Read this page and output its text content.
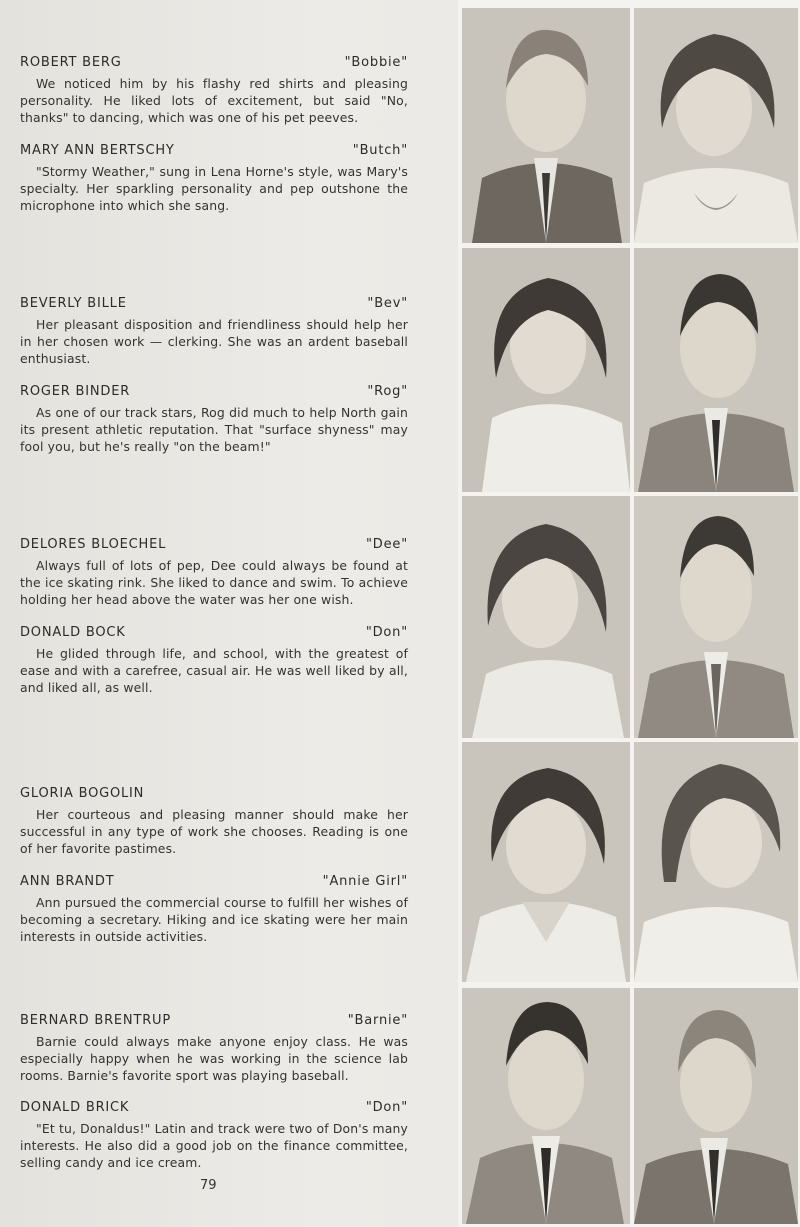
ROBERT BERG	"Bobbie"
We noticed him by his flashy red shirts and pleasing personality. He liked lots of excitement, but said "No, thanks" to dancing, which was one of his pet peeves.
MARY ANN BERTSCHY	"Butch"
"Stormy Weather," sung in Lena Horne's style, was Mary's specialty. Her sparkling personality and pep outshone the microphone into which she sang.
BEVERLY BILLE	"Bev"
Her pleasant disposition and friendliness should help her in her chosen work — clerking. She was an ardent baseball enthusiast.
ROGER BINDER	"Rog"
As one of our track stars, Rog did much to help North gain its present athletic reputation. That "surface shyness" may fool you, but he's really "on the beam!"
DELORES BLOECHEL	"Dee"
Always full of lots of pep, Dee could always be found at the ice skating rink. She liked to dance and swim. To achieve holding her head above the water was her one wish.
DONALD BOCK	"Don"
He glided through life, and school, with the greatest of ease and with a carefree, casual air. He was well liked by all, and liked all, as well.
GLORIA BOGOLIN
Her courteous and pleasing manner should make her successful in any type of work she chooses. Reading is one of her favorite pastimes.
ANN BRANDT	"Annie Girl"
Ann pursued the commercial course to fulfill her wishes of becoming a secretary. Hiking and ice skating were her main interests in outside activities.
BERNARD BRENTRUP	"Barnie"
Barnie could always make anyone enjoy class. He was especially happy when he was working in the science lab rooms. Barnie's favorite sport was playing baseball.
DONALD BRICK	"Don"
"Et tu, Donaldus!" Latin and track were two of Don's many interests. He also did a good job on the finance committee, selling candy and ice cream.
79
